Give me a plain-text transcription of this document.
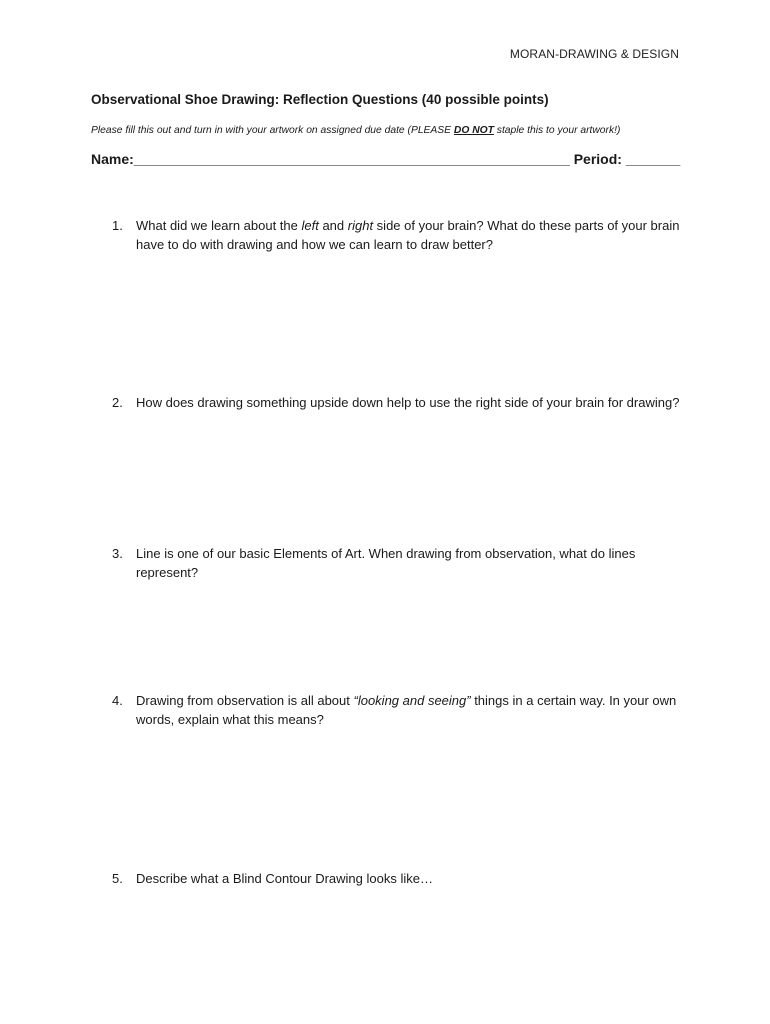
MORAN-DRAWING & DESIGN
Observational Shoe Drawing: Reflection Questions (40 possible points)
Please fill this out and turn in with your artwork on assigned due date (PLEASE DO NOT staple this to your artwork!)
Name:________________________________________________________ Period: _______
1.	What did we learn about the left and right side of your brain? What do these parts of your brain have to do with drawing and how we can learn to draw better?
2.	How does drawing something upside down help to use the right side of your brain for drawing?
3.	Line is one of our basic Elements of Art. When drawing from observation, what do lines represent?
4.	Drawing from observation is all about “looking and seeing” things in a certain way. In your own words, explain what this means?
5.	Describe what a Blind Contour Drawing looks like…
